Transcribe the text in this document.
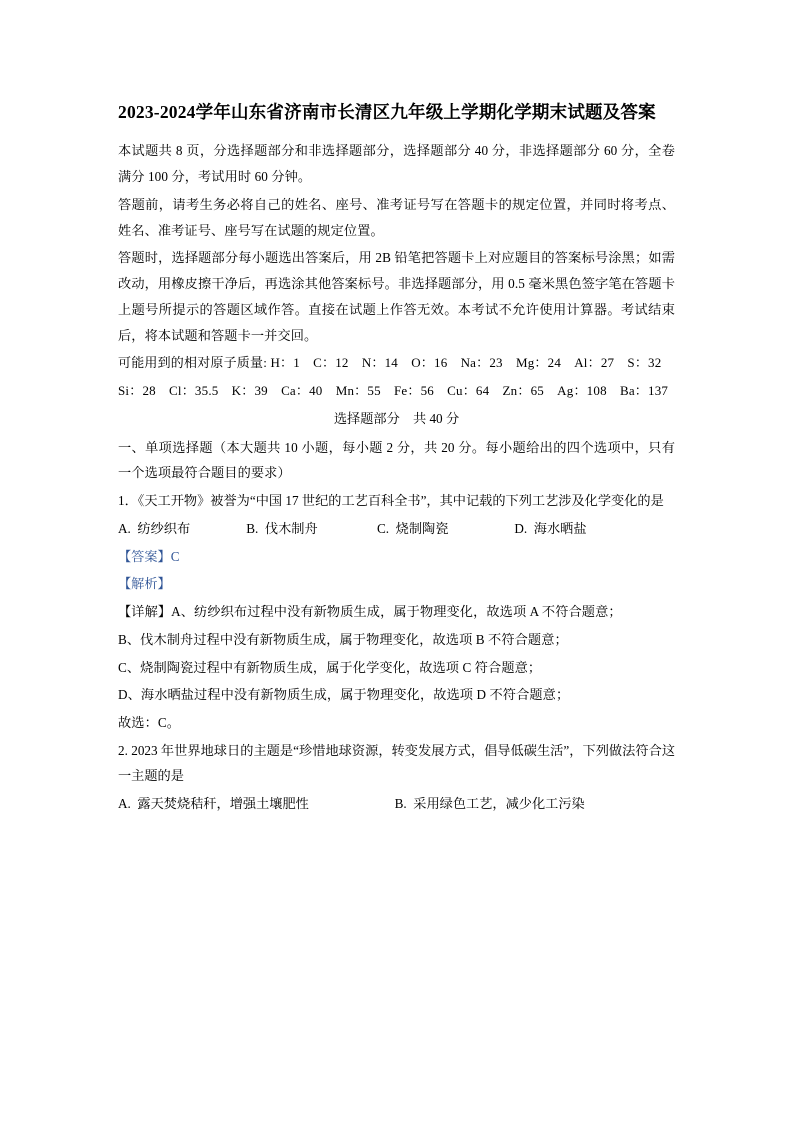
2023-2024学年山东省济南市长清区九年级上学期化学期末试题及答案

本试题共 8 页，分选择题部分和非选择题部分，选择题部分 40 分，非选择题部分 60 分，全卷满分 100 分，考试用时 60 分钟。

答题前，请考生务必将自己的姓名、座号、准考证号写在答题卡的规定位置，并同时将考点、姓名、准考证号、座号写在试题的规定位置。

答题时，选择题部分每小题选出答案后，用 2B 铅笔把答题卡上对应题目的答案标号涂黑；如需改动，用橡皮擦干净后，再选涂其他答案标号。非选择题部分，用 0.5 毫米黑色签字笔在答题卡上题号所提示的答题区域作答。直接在试题上作答无效。本考试不允许使用计算器。考试结束后，将本试题和答题卡一并交回。

可能用到的相对原子质量: H：1　C：12　N：14　O：16　Na：23　Mg：24　Al：27　S：32

Si：28　Cl：35.5　K：39　Ca：40　Mn：55　Fe：56　Cu：64　Zn：65　Ag：108　Ba：137

选择题部分　共 40 分

一、单项选择题（本大题共 10 小题，每小题 2 分，共 20 分。每小题给出的四个选项中，只有一个选项最符合题目的要求）

1．《天工开物》被誉为“中国 17 世纪的工艺百科全书”，其中记载的下列工艺涉及化学变化的是

A.  纺纱织布                 B.  伐木制舟                  C.  烧制陶瓷                    D.  海水晒盐

【答案】C

【解析】

【详解】A、纺纱织布过程中没有新物质生成，属于物理变化，故选项 A 不符合题意；

B、伐木制舟过程中没有新物质生成，属于物理变化，故选项 B 不符合题意；

C、烧制陶瓷过程中有新物质生成，属于化学变化，故选项 C 符合题意；

D、海水晒盐过程中没有新物质生成，属于物理变化，故选项 D 不符合题意；

故选：C。

2. 2023 年世界地球日的主题是“珍惜地球资源，转变发展方式，倡导低碳生活”，下列做法符合这一主题的是

A.  露天焚烧秸秆，增强土壤肥性                          B.  采用绿色工艺，减少化工污染
